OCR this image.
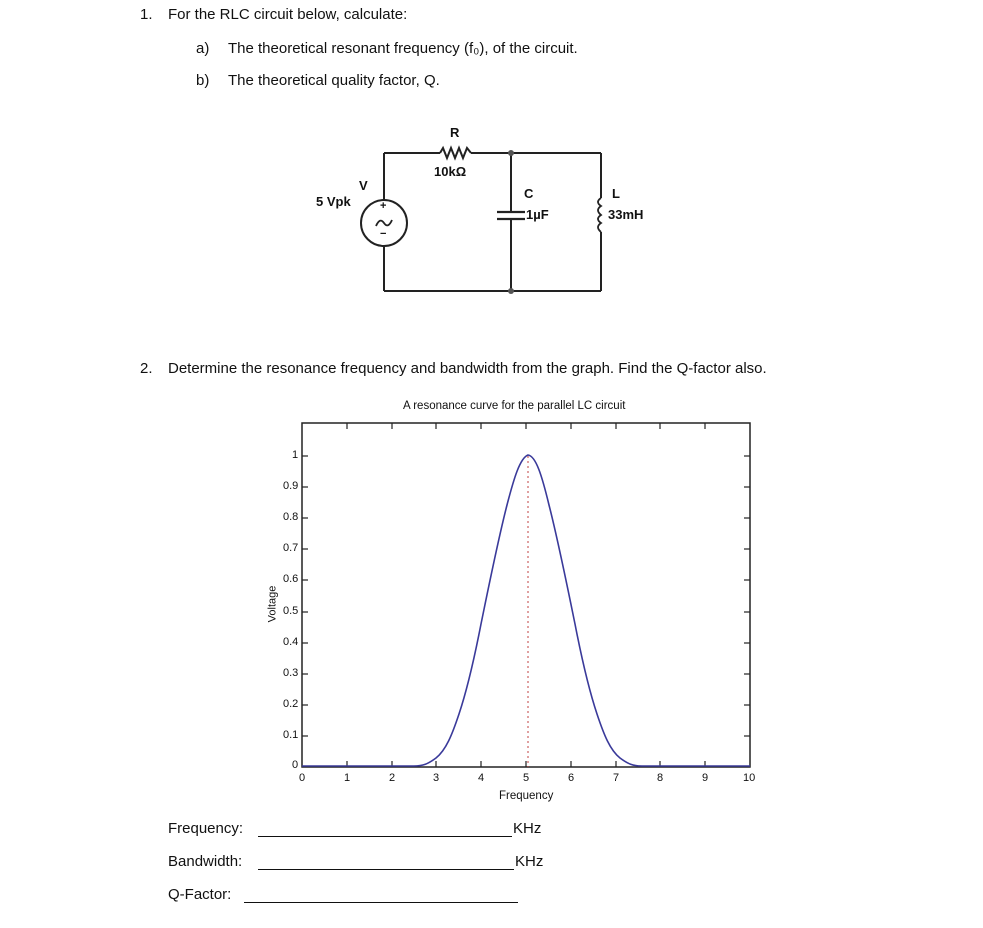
1. For the RLC circuit below, calculate:
a) The theoretical resonant frequency (f₀), of the circuit.
b) The theoretical quality factor, Q.
R
10kΩ
V
5 Vpk	+
−
C
1µF
L
33mH
2. Determine the resonance frequency and bandwidth from the graph. Find the Q-factor also.
A resonance curve for the parallel LC circuit
0
0.1
0.2
0.3
0.4
0.5
0.6
0.7
0.8
0.9
1
Voltage
0	1	2	3	4	5	6	7	8	9	10
Frequency
Frequency:	KHz
Bandwidth:	KHz
Q-Factor:
